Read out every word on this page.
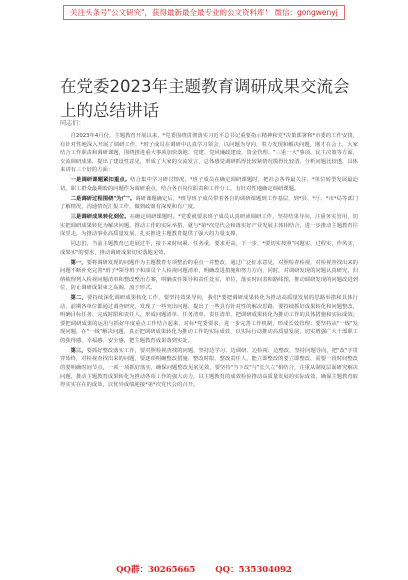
关注头条号"公文研究"，获得最新最全最专业的公文资料库！ 微信：gongwenyj
在党委2023年主题教育调研成果交流会上的总结讲话
同志们：

自2023年4月份，主题教育开展以来，*党委围绕贯彻落实习近平总书记重要指示精神和党*决策部署和*市委的工作安排，有针对性地深入开展了调研工作，*班子成员在调研中认真学习领会，以问题为导向，着力发现和解决问题，刚才在会上，大家结合工作职责和调研课题，围绕推进重大事项加快落地、党建、党风廉政建设、资金管理、"三重一大"事项、民主决策等方面，交流调研成果，提出了建设性意见，形成了大家的交流发言，总体感觉调研抓得比较紧情况摸得比较清、分析问题比较透，具体来讲有三个好的方面：

一是调研课题紧扣重点。结合集中学习研讨情况，*班子成员在确定调研课题时，把社会各界最关注、*单位转型发展最迫切、职工群众最期盼的问题作为调研重点，结合各自岗位职责和工作分工，有针对性地确定调研课题。

二是调研过程围绕"为广"。调研课题确定后，*班导班子成员带着各自的调研课题到工作基层，到*县、*厅、*市*局等部门了解情况，沟通情况汇报工作，做到政策有深度和有广度。

三是调研成果转化到位。在确定调研课题时，*党委就要求班子成员认真研读调研工作，坚持结果导向，注重务实管用，切实把调研成果转化为解决问题、推动工作的实际举措，就与*第*次党代会和落实好产业发展主体相结合，进一步推动主题教育往深里走，为推动事业高质量发展，扎实推进主题教育提供了强大的力量支撑。

同志们，当前主题教育已进展过半，接下来时间紧、任务重，要求更高，下一步，*要切实按照"问题实，过程实，作风实，成果实"的要求，推动调研成果切实落地见效。

第一，要将调研发现的问题作为主题教育专项整治的重点一并整改，通过广泛征求意见，对照检查检视，对检视查找出来的问题不断补充完善*班子*领导班子和成员个人检视问题清单，明确改进措施和努力方向，同时，对调研发现的问题认真研究，归纳梳理列入检视问题清单和整改整治方案，明确责任领导和责任处室、单位，落实时间表和路线图，推动调研发现的问题改进到位，防止调研成果束之高阁、流于形式。

第二，要持续深化调研成果转化工作，要坚持效果导向，我们*要把调研成果转化为推动高质量发展的思路举措和具体行动，前期各单位都通过调查研究，发现了一些突出问题、提出了一些具有针对性的解决思路，要持续抓好成果转化和问题整改，明确目标任务、完成时限和责任人，形成问题清单、任务清单、责任清单，把调研成果转化为推动工作的具体措施和实际成效；要把调研成果的运用与抓好年度重点工作结合起来，对标*党委要求，进一步完善工作机制，形成长效管理；要坚持从"一线"发现问题，在"一线"解决问题，真正把调研成果转化为推动工作的实际成效，以实际行动推动高质量发展，切实增强广大干部职工的获得感、幸福感、安全感，把主题教育成果落到实处。

第三，要抓好整改落实工作，要对照检视查找的问题，坚持边学习、边调研、边检视、边整改，坚持问题导向，把"改"字贯穿始终，对检视查找出来的问题，要逐项明确整改措施、整改时限、整改责任人，能立即整改的要立即整改，需要一段时间整改的要明确时间节点，一项一项抓好落实，确保问题整改见底见效，要坚持"当下改"与"长久立"相结合，注重从制度层面研究解决问题，推动主题教育成果转化为推动各项工作的强大动力，以主题教育的成效检验推动高质量发展的实际成效，确保主题教育取得实实在在的成效，以优异成绩迎接*第*次党代会的召开。

QQ群：30265665 QQ：535304092
